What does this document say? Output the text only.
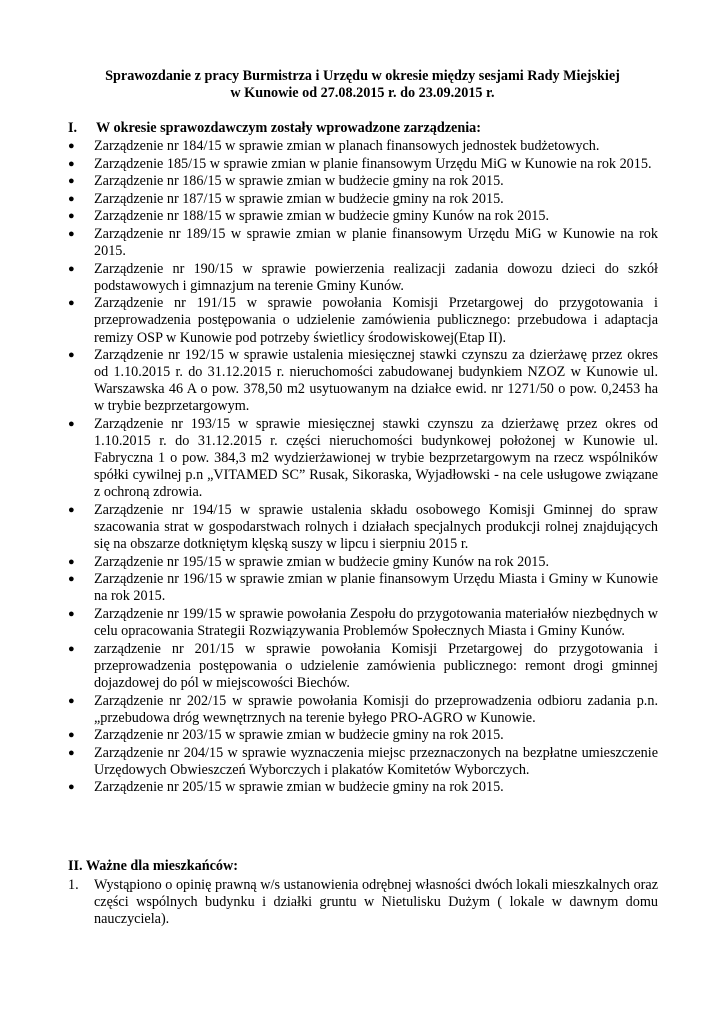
Sprawozdanie z pracy Burmistrza i Urzędu w okresie między sesjami Rady Miejskiej
w Kunowie od 27.08.2015 r. do 23.09.2015 r.
I. W okresie sprawozdawczym zostały wprowadzone zarządzenia:
●	Zarządzenie nr 184/15 w sprawie zmian w planach finansowych jednostek budżetowych.
●	Zarządzenie 185/15 w sprawie zmian w planie finansowym Urzędu MiG w Kunowie na rok 2015.
●	Zarządzenie nr 186/15 w sprawie zmian w budżecie gminy na rok 2015.
●	Zarządzenie nr 187/15 w sprawie zmian w budżecie gminy na rok 2015.
●	Zarządzenie nr 188/15 w sprawie zmian w budżecie gminy Kunów na rok 2015.
●	Zarządzenie nr 189/15 w sprawie zmian w planie finansowym Urzędu MiG w Kunowie na rok 2015.
●	Zarządzenie nr 190/15 w sprawie powierzenia realizacji zadania dowozu dzieci do szkół podstawowych i gimnazjum na terenie Gminy Kunów.
●	Zarządzenie nr 191/15 w sprawie powołania Komisji Przetargowej do przygotowania i przeprowadzenia postępowania o udzielenie zamówienia publicznego: przebudowa i adaptacja remizy OSP w Kunowie pod potrzeby świetlicy środowiskowej(Etap II).
●	Zarządzenie nr 192/15 w sprawie ustalenia miesięcznej stawki czynszu za dzierżawę przez okres od 1.10.2015 r. do 31.12.2015 r. nieruchomości zabudowanej budynkiem NZOZ w Kunowie ul. Warszawska 46 A o pow. 378,50 m2 usytuowanym na działce ewid. nr 1271/50 o pow. 0,2453 ha w trybie bezprzetargowym.
●	Zarządzenie nr 193/15 w sprawie miesięcznej stawki czynszu za dzierżawę przez okres od 1.10.2015 r. do 31.12.2015 r. części nieruchomości budynkowej położonej w Kunowie ul. Fabryczna 1 o pow. 384,3 m2 wydzierżawionej w trybie bezprzetargowym na rzecz wspólników spółki cywilnej p.n „VITAMED SC” Rusak, Sikoraska, Wyjadłowski - na cele usługowe związane z ochroną zdrowia.
●	Zarządzenie nr 194/15 w sprawie ustalenia składu osobowego Komisji Gminnej do spraw szacowania strat w gospodarstwach rolnych i działach specjalnych produkcji rolnej znajdujących się na obszarze dotkniętym klęską suszy w lipcu i sierpniu 2015 r.
●	Zarządzenie nr 195/15 w sprawie zmian w budżecie gminy Kunów na rok 2015.
●	Zarządzenie nr 196/15 w sprawie zmian w planie finansowym Urzędu Miasta i Gminy w Kunowie na rok 2015.
●	Zarządzenie nr 199/15 w sprawie powołania Zespołu do przygotowania materiałów niezbędnych w celu opracowania Strategii Rozwiązywania Problemów Społecznych Miasta i Gminy Kunów.
●	zarządzenie nr 201/15 w sprawie powołania Komisji Przetargowej do przygotowania i przeprowadzenia postępowania o udzielenie zamówienia publicznego: remont drogi gminnej dojazdowej do pól w miejscowości Biechów.
●	Zarządzenie nr 202/15 w sprawie powołania Komisji do przeprowadzenia odbioru zadania p.n. „przebudowa dróg wewnętrznych na terenie byłego PRO-AGRO w Kunowie.
●	Zarządzenie nr 203/15 w sprawie zmian w budżecie gminy na rok 2015.
●	Zarządzenie nr 204/15 w sprawie wyznaczenia miejsc przeznaczonych na bezpłatne umieszczenie Urzędowych Obwieszczeń Wyborczych i plakatów Komitetów Wyborczych.
●	Zarządzenie nr 205/15 w sprawie zmian w budżecie gminy na rok 2015.
II. Ważne dla mieszkańców:
1. Wystąpiono o opinię prawną w/s ustanowienia odrębnej własności dwóch lokali mieszkalnych oraz części wspólnych budynku i działki gruntu w Nietulisku Dużym ( lokale w dawnym domu nauczyciela).
